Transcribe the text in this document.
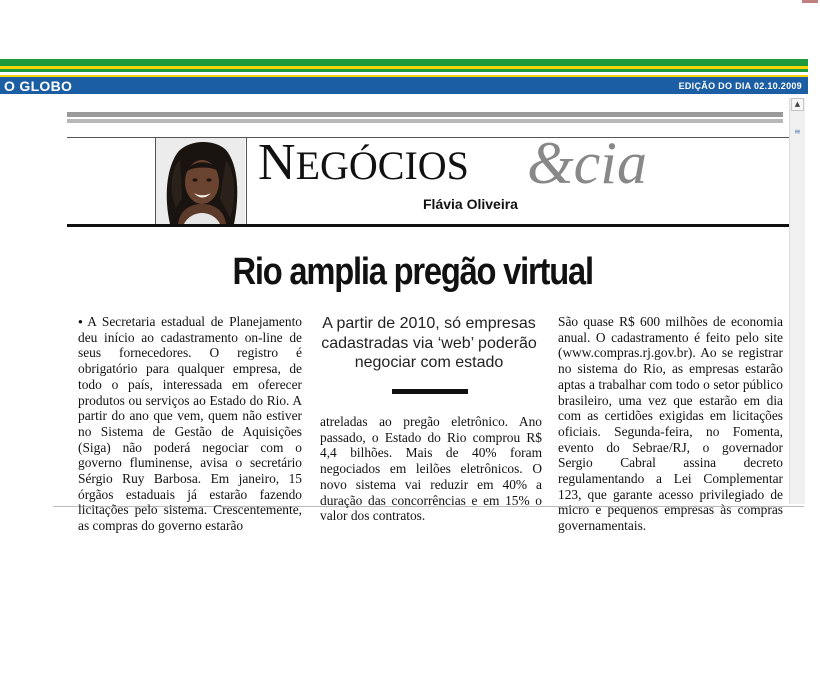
O GLOBO	EDIÇÃO DO DIA 02.10.2009
▲
≡
NEGÓCIOS &cia
Flávia Oliveira
Rio amplia pregão virtual
● A Secretaria estadual de Planejamento deu início ao cadastramento on-line de seus fornecedores. O registro é obrigatório para qualquer empresa, de todo o país, interessada em oferecer produtos ou serviços ao Estado do Rio. A partir do ano que vem, quem não estiver no Sistema de Gestão de Aquisições (Siga) não poderá negociar com o governo fluminense, avisa o secretário Sérgio Ruy Barbosa. Em janeiro, 15 órgãos estaduais já estarão fazendo licitações pelo sistema. Crescentemente, as compras do governo estarão
A partir de 2010, só empresas cadastradas via ‘web’ poderão negociar com estado
atreladas ao pregão eletrônico. Ano passado, o Estado do Rio comprou R$ 4,4 bilhões. Mais de 40% foram negociados em leilões eletrônicos. O novo sistema vai reduzir em 40% a duração das concorrências e em 15% o valor dos contratos.
São quase R$ 600 milhões de economia anual. O cadastramento é feito pelo site (www.compras.rj.gov.br). Ao se registrar no sistema do Rio, as empresas estarão aptas a trabalhar com todo o setor público brasileiro, uma vez que estarão em dia com as certidões exigidas em licitações oficiais. Segunda-feira, no Fomenta, evento do Sebrae/RJ, o governador Sergio Cabral assina decreto regulamentando a Lei Complementar 123, que garante acesso privilegiado de micro e pequenos empresas às compras governamentais.
